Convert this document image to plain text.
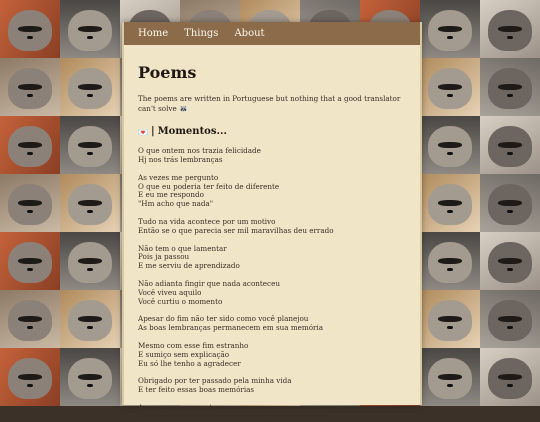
Home Things About
Poems

The poems are written in Portuguese but nothing that a good translator can't solve 🦝

💌 | Momentos...

O que ontem nos trazia felicidade
Hj nos trás lembranças

As vezes me pergunto
O que eu poderia ter feito de diferente
E eu me respondo
"Hm acho que nada"

Tudo na vida acontece por um motivo
Então se o que parecia ser mil maravilhas deu errado

Não tem o que lamentar
Pois ja passou
E me serviu de aprendizado

Não adianta fingir que nada aconteceu
Você viveu aquilo
Você curtiu o momento

Apesar do fim não ter sido como você planejou
As boas lembranças permanecem em sua memória

Mesmo com esse fim estranho
E sumiço sem explicação
Eu só lhe tenho a agradecer

Obrigado por ter passado pela minha vida
E ter feito essas boas memórias

Agora o que me resta
É lembrar dos belos momentos que foi estar contigo
